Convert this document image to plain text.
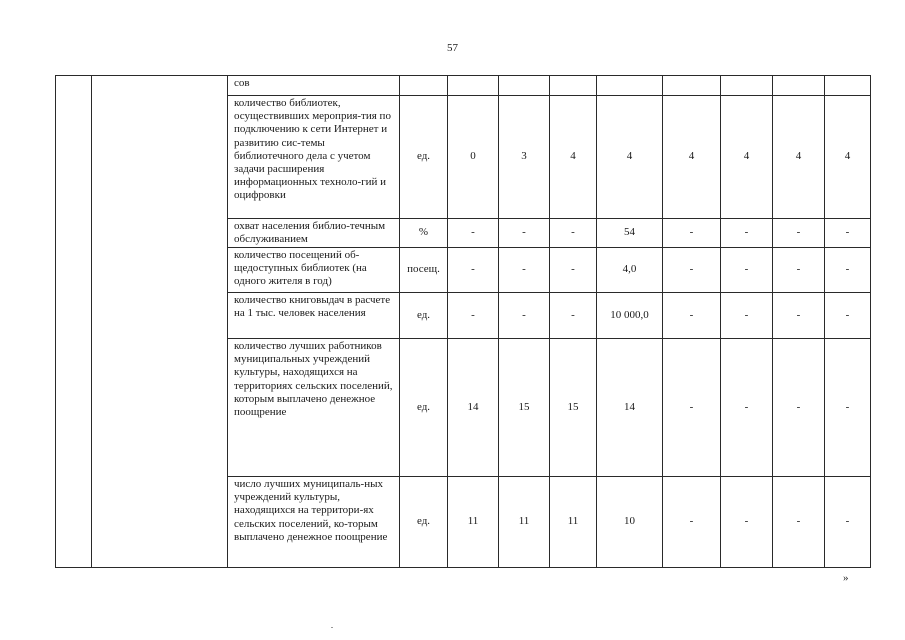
57
		сов									
		количество библиотек, осуществивших мероприя-тия по подключению к сети Интернет и развитию сис-темы библиотечного дела с учетом задачи расширения информационных техноло-гий и оцифровки	ед.	0	3	4	4	4	4	4	4
		охват населения библио-течным обслуживанием	%	-	-	-	54	-	-	-	-
		количество посещений об-щедоступных библиотек (на одного жителя в год)	посещ.	-	-	-	4,0	-	-	-	-
		количество книговыдач в расчете на 1 тыс. человек населения	ед.	-	-	-	10 000,0	-	-	-	-
		количество лучших работников муниципальных учреждений культуры, находящихся на территориях сельских поселений, которым выплачено денежное поощрение	ед.	14	15	15	14	-	-	-	-
		число лучших муниципаль-ных учреждений культуры, находящихся на территори-ях сельских поселений, ко-торым выплачено денежное поощрение	ед.	11	11	11	10	-	-	-	-
»
